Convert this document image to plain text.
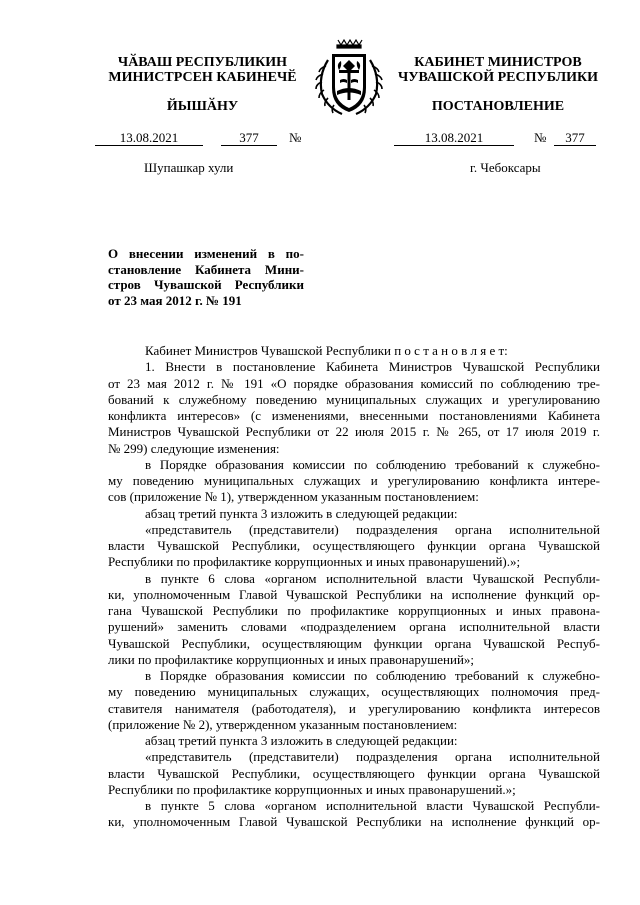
ЧӐВАШ РЕСПУБЛИКИН
МИНИСТРСЕН КАБИНЕЧӖ
ЙЫШӐНУ
КАБИНЕТ МИНИСТРОВ
ЧУВАШСКОЙ РЕСПУБЛИКИ
ПОСТАНОВЛЕНИЕ
13.08.2021	377	№	13.08.2021	№	377

Шупашкар хули	г. Чебоксары

О внесении изменений в по-
становление Кабинета Мини-
стров Чувашской Республики
от 23 мая 2012 г. № 191
Кабинет Министров Чувашской Республики п о с т а н о в л я е т:
1. Внести в постановление Кабинета Министров Чувашской Республики
от 23 мая 2012 г. № 191 «О порядке образования комиссий по соблюдению тре-
бований к служебному поведению муниципальных служащих и урегулированию
конфликта интересов» (с изменениями, внесенными постановлениями Кабинета
Министров Чувашской Республики от 22 июля 2015 г. № 265, от 17 июля 2019 г.
№ 299) следующие изменения:
в Порядке образования комиссии по соблюдению требований к служебно-
му поведению муниципальных служащих и урегулированию конфликта интере-
сов (приложение № 1), утвержденном указанным постановлением:
абзац третий пункта 3 изложить в следующей редакции:
«представитель (представители) подразделения органа исполнительной
власти Чувашской Республики, осуществляющего функции органа Чувашской
Республики по профилактике коррупционных и иных правонарушений).»;
в пункте 6 слова «органом исполнительной власти Чувашской Республи-
ки, уполномоченным Главой Чувашской Республики на исполнение функций ор-
гана Чувашской Республики по профилактике коррупционных и иных правона-
рушений» заменить словами «подразделением органа исполнительной власти
Чувашской Республики, осуществляющим функции органа Чувашской Респуб-
лики по профилактике коррупционных и иных правонарушений»;
в Порядке образования комиссии по соблюдению требований к служебно-
му поведению муниципальных служащих, осуществляющих полномочия пред-
ставителя нанимателя (работодателя), и урегулированию конфликта интересов
(приложение № 2), утвержденном указанным постановлением:
абзац третий пункта 3 изложить в следующей редакции:
«представитель (представители) подразделения органа исполнительной
власти Чувашской Республики, осуществляющего функции органа Чувашской
Республики по профилактике коррупционных и иных правонарушений.»;
в пункте 5 слова «органом исполнительной власти Чувашской Республи-
ки, уполномоченным Главой Чувашской Республики на исполнение функций ор-
